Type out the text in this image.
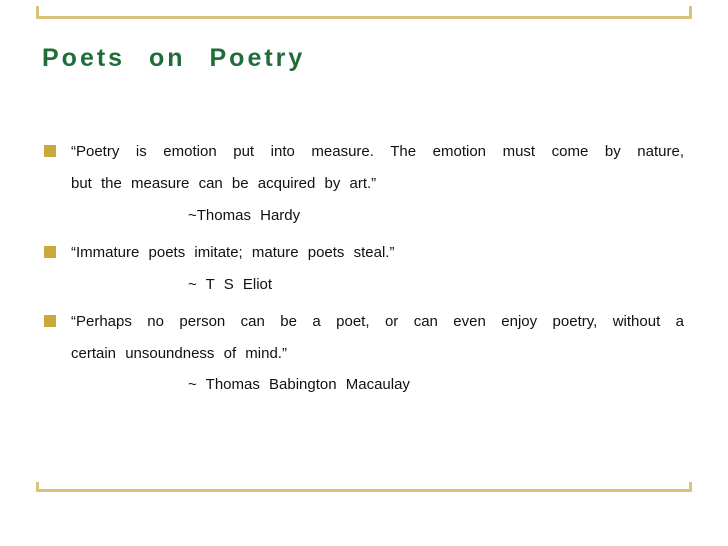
Poets on Poetry
“Poetry is emotion put into measure. The emotion must come by nature,
but the measure can be acquired by art.”
~Thomas Hardy
“Immature poets imitate; mature poets steal.”
~ T S Eliot
“Perhaps no person can be a poet, or can even enjoy poetry, without a
certain unsoundness of mind.”
~ Thomas Babington Macaulay
